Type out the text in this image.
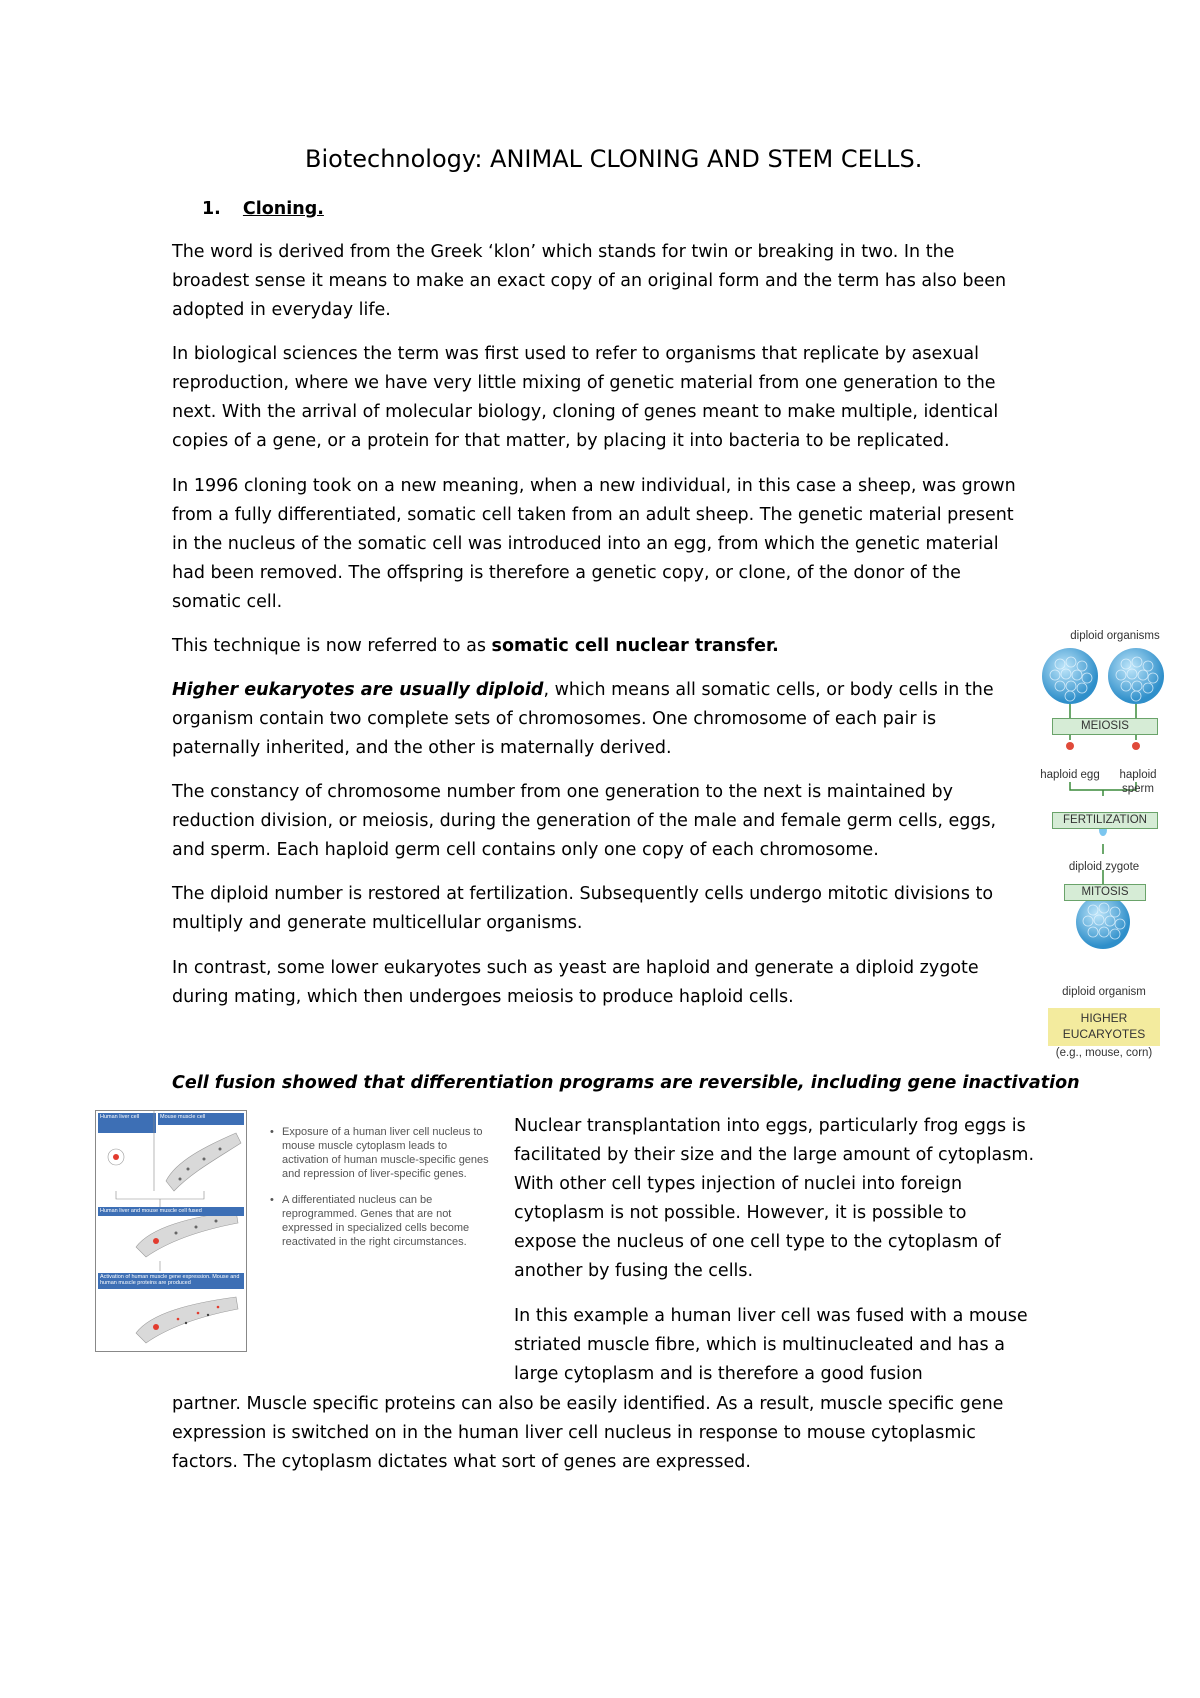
Biotechnology: ANIMAL CLONING AND STEM CELLS.
1. Cloning.

The word is derived from the Greek ‘klon’ which stands for twin or breaking in two. In the broadest sense it means to make an exact copy of an original form and the term has also been adopted in everyday life.

In biological sciences the term was first used to refer to organisms that replicate by asexual reproduction, where we have very little mixing of genetic material from one generation to the next. With the arrival of molecular biology, cloning of genes meant to make multiple, identical copies of a gene, or a protein for that matter, by placing it into bacteria to be replicated.

In 1996 cloning took on a new meaning, when a new individual, in this case a sheep, was grown from a fully differentiated, somatic cell taken from an adult sheep. The genetic material present in the nucleus of the somatic cell was introduced into an egg, from which the genetic material had been removed. The offspring is therefore a genetic copy, or clone, of the donor of the somatic cell.

This technique is now referred to as somatic cell nuclear transfer.

Higher eukaryotes are usually diploid, which means all somatic cells, or body cells in the organism contain two complete sets of chromosomes. One chromosome of each pair is paternally inherited, and the other is maternally derived.

The constancy of chromosome number from one generation to the next is maintained by reduction division, or meiosis, during the generation of the male and female germ cells, eggs, and sperm. Each haploid germ cell contains only one copy of each chromosome.

The diploid number is restored at fertilization. Subsequently cells undergo mitotic divisions to multiply and generate multicellular organisms.

In contrast, some lower eukaryotes such as yeast are haploid and generate a diploid zygote during mating, which then undergoes meiosis to produce haploid cells.

diploid organisms
MEIOSIS
haploid egg	haploid sperm
FERTILIZATION
diploid zygote
MITOSIS
diploid organism
HIGHER EUCARYOTES
(e.g., mouse, corn)
Cell fusion showed that differentiation programs are reversible, including gene inactivation
Human liver cell	Mouse muscle cell
Human liver and mouse muscle cell fused
Activation of human muscle gene expression. Mouse and human muscle proteins are produced
• Exposure of a human liver cell nucleus to mouse muscle cytoplasm leads to activation of human muscle-specific genes and repression of liver-specific genes.
• A differentiated nucleus can be reprogrammed. Genes that are not expressed in specialized cells become reactivated in the right circumstances.

Nuclear transplantation into eggs, particularly frog eggs is facilitated by their size and the large amount of cytoplasm. With other cell types injection of nuclei into foreign cytoplasm is not possible. However, it is possible to expose the nucleus of one cell type to the cytoplasm of another by fusing the cells.

In this example a human liver cell was fused with a mouse striated muscle fibre, which is multinucleated and has a large cytoplasm and is therefore a good fusion

partner. Muscle specific proteins can also be easily identified. As a result, muscle specific gene expression is switched on in the human liver cell nucleus in response to mouse cytoplasmic factors. The cytoplasm dictates what sort of genes are expressed.
